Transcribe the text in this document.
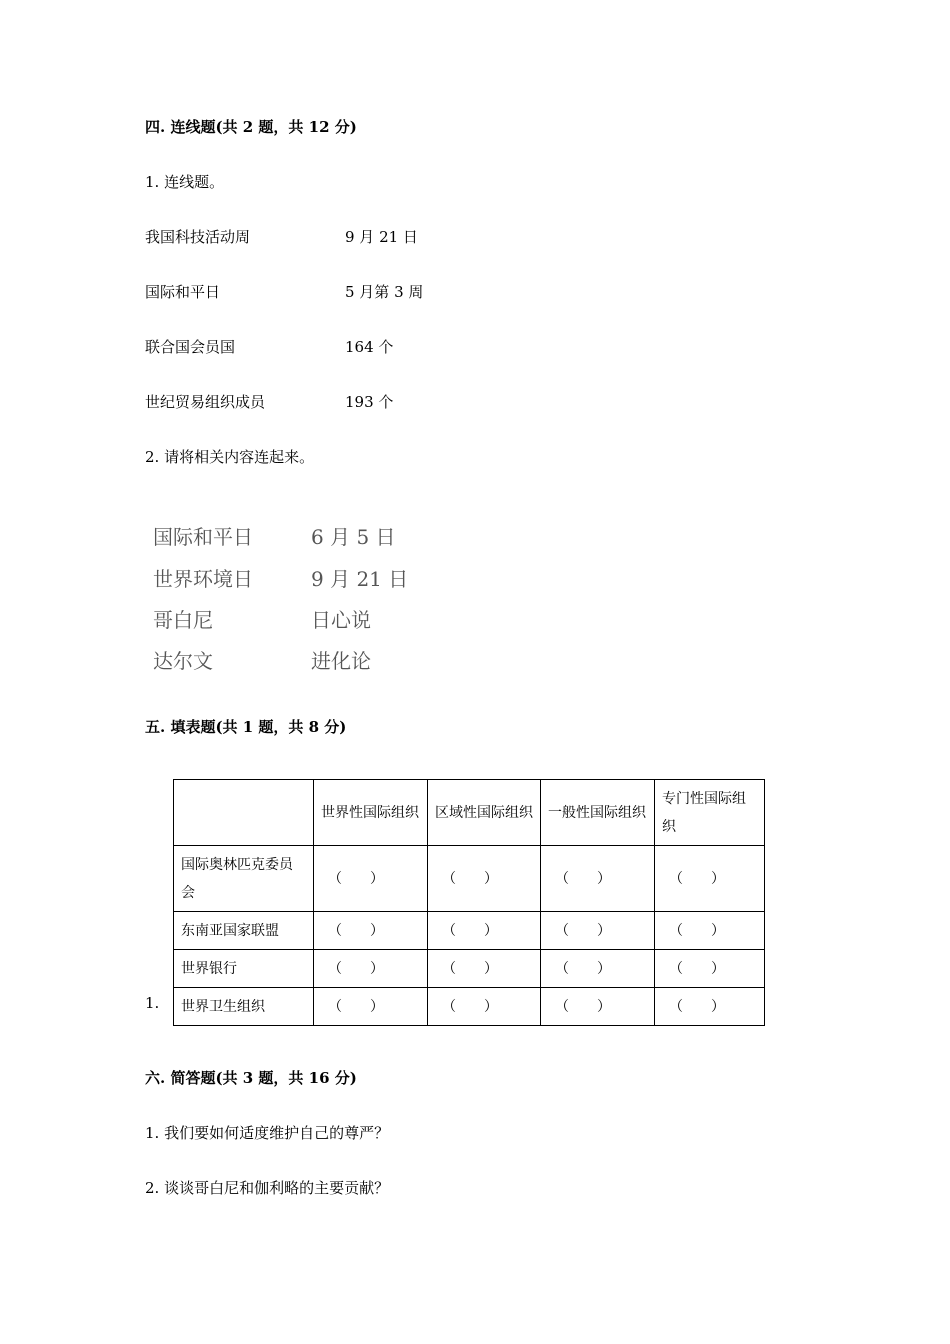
四. 连线题(共 2 题，共 12 分)
1. 连线题。
我国科技活动周	9 月 21 日
国际和平日	5 月第 3 周
联合国会员国	164 个
世纪贸易组织成员	193 个
2. 请将相关内容连起来。
国际和平日	6 月 5 日
世界环境日	9 月 21 日
哥白尼	日心说
达尔文	进化论
五. 填表题(共 1 题，共 8 分)
1.
	世界性国际组织	区域性国际组织	一般性国际组织	专门性国际组织
国际奥林匹克委员会	（　　）	（　　）	（　　）	（　　）
东南亚国家联盟	（　　）	（　　）	（　　）	（　　）
世界银行	（　　）	（　　）	（　　）	（　　）
世界卫生组织	（　　）	（　　）	（　　）	（　　）
六. 简答题(共 3 题，共 16 分)
1. 我们要如何适度维护自己的尊严？
2. 谈谈哥白尼和伽利略的主要贡献？
